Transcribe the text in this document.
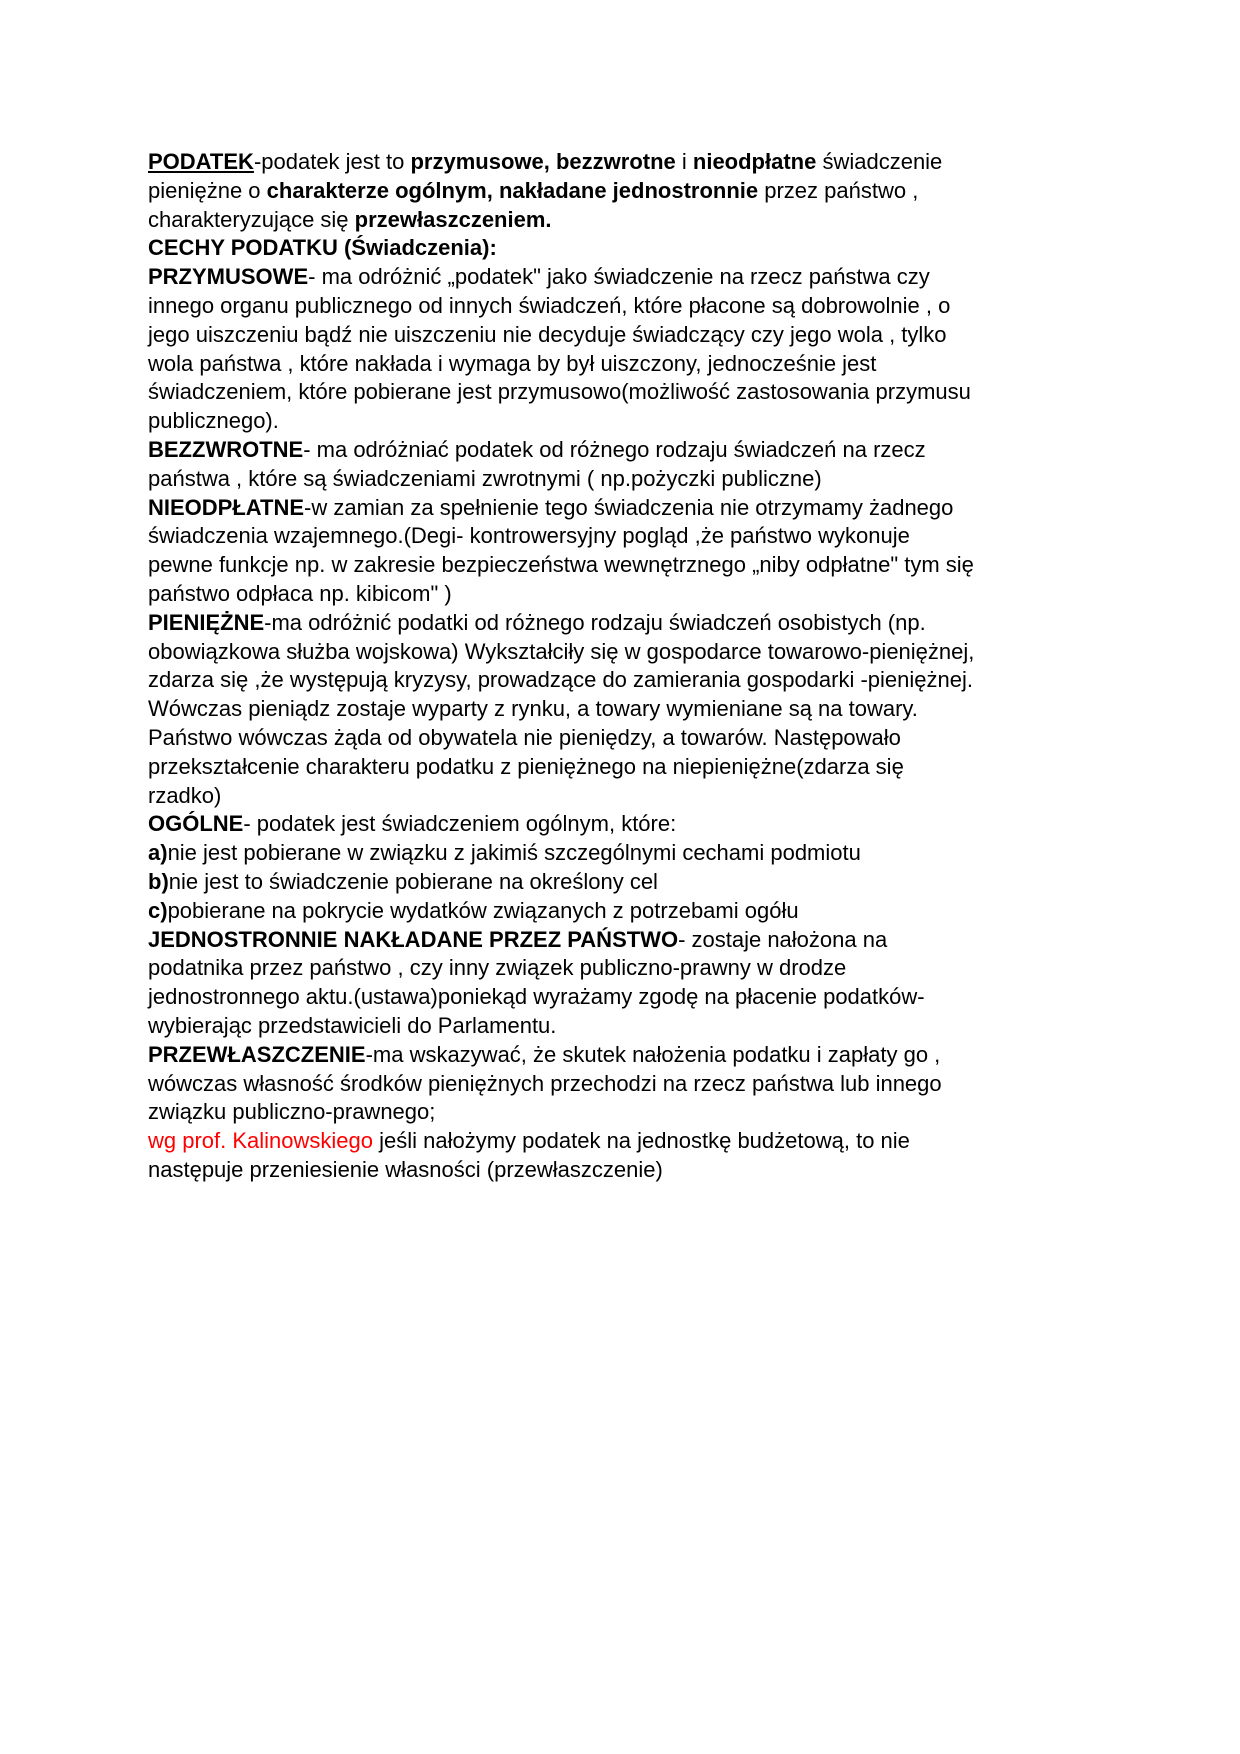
PODATEK-podatek jest to przymusowe, bezzwrotne i nieodpłatne świadczenie
pieniężne o charakterze ogólnym, nakładane jednostronnie przez państwo ,
charakteryzujące się przewłaszczeniem.
CECHY PODATKU (Świadczenia):
PRZYMUSOWE- ma odróżnić „podatek" jako świadczenie na rzecz państwa czy
innego organu publicznego od innych świadczeń, które płacone są dobrowolnie , o
jego uiszczeniu bądź nie uiszczeniu nie decyduje świadczący czy jego wola , tylko
wola państwa , które nakłada i wymaga by był uiszczony, jednocześnie jest
świadczeniem, które pobierane jest przymusowo(możliwość zastosowania przymusu
publicznego).
BEZZWROTNE- ma odróżniać podatek od różnego rodzaju świadczeń na rzecz
państwa , które są świadczeniami zwrotnymi ( np.pożyczki publiczne)
NIEODPŁATNE-w zamian za spełnienie tego świadczenia nie otrzymamy żadnego
świadczenia wzajemnego.(Degi- kontrowersyjny pogląd ,że państwo wykonuje
pewne funkcje np. w zakresie bezpieczeństwa wewnętrznego „niby odpłatne" tym się
państwo odpłaca np. kibicom" )
PIENIĘŻNE-ma odróżnić podatki od różnego rodzaju świadczeń osobistych (np.
obowiązkowa służba wojskowa) Wykształciły się w gospodarce towarowo-pieniężnej,
zdarza się ,że występują kryzysy, prowadzące do zamierania gospodarki -pieniężnej.
Wówczas pieniądz zostaje wyparty z rynku, a towary wymieniane są na towary.
Państwo wówczas żąda od obywatela nie pieniędzy, a towarów. Następowało
przekształcenie charakteru podatku z pieniężnego na niepieniężne(zdarza się
rzadko)
OGÓLNE- podatek jest świadczeniem ogólnym, które:
a)nie jest pobierane w związku z jakimiś szczególnymi cechami podmiotu
b)nie jest to świadczenie pobierane na określony cel
c)pobierane na pokrycie wydatków związanych z potrzebami ogółu
JEDNOSTRONNIE NAKŁADANE PRZEZ PAŃSTWO- zostaje nałożona na
podatnika przez państwo , czy inny związek publiczno-prawny w drodze
jednostronnego aktu.(ustawa)poniekąd wyrażamy zgodę na płacenie podatków-
wybierając przedstawicieli do Parlamentu.
PRZEWŁASZCZENIE-ma wskazywać, że skutek nałożenia podatku i zapłaty go ,
wówczas własność środków pieniężnych przechodzi na rzecz państwa lub innego
związku publiczno-prawnego;
wg prof. Kalinowskiego jeśli nałożymy podatek na jednostkę budżetową, to nie
następuje przeniesienie własności (przewłaszczenie)
